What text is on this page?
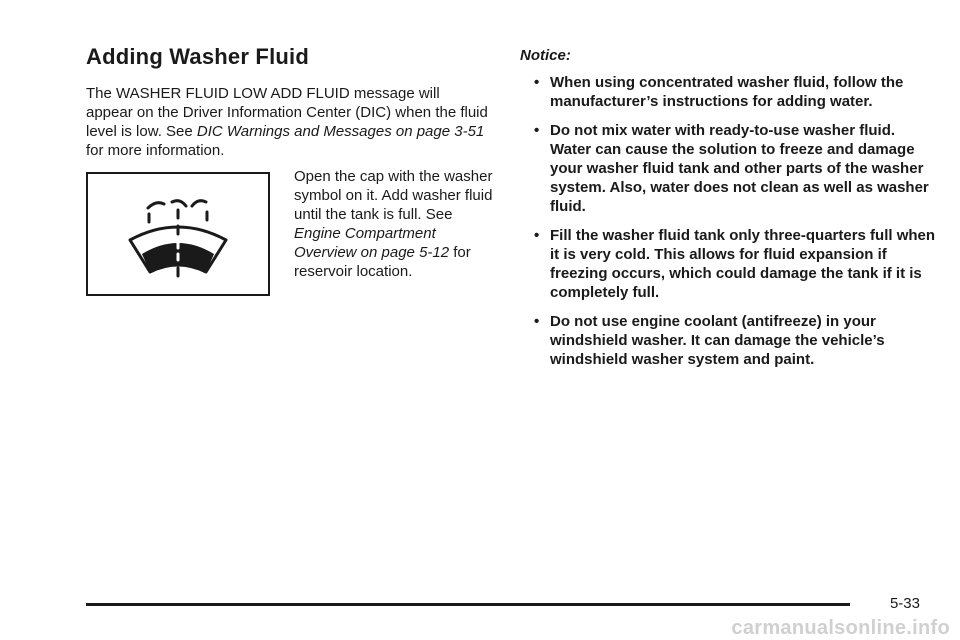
Adding Washer Fluid

The WASHER FLUID LOW ADD FLUID message will appear on the Driver Information Center (DIC) when the fluid level is low. See DIC Warnings and Messages on page 3-51 for more information.

Open the cap with the washer symbol on it. Add washer fluid until the tank is full. See Engine Compartment Overview on page 5-12 for reservoir location.

Notice:

• When using concentrated washer fluid, follow the manufacturer’s instructions for adding water.
• Do not mix water with ready-to-use washer fluid. Water can cause the solution to freeze and damage your washer fluid tank and other parts of the washer system. Also, water does not clean as well as washer fluid.
• Fill the washer fluid tank only three-quarters full when it is very cold. This allows for fluid expansion if freezing occurs, which could damage the tank if it is completely full.
• Do not use engine coolant (antifreeze) in your windshield washer. It can damage the vehicle’s windshield washer system and paint.
5-33
carmanualsonline.info
